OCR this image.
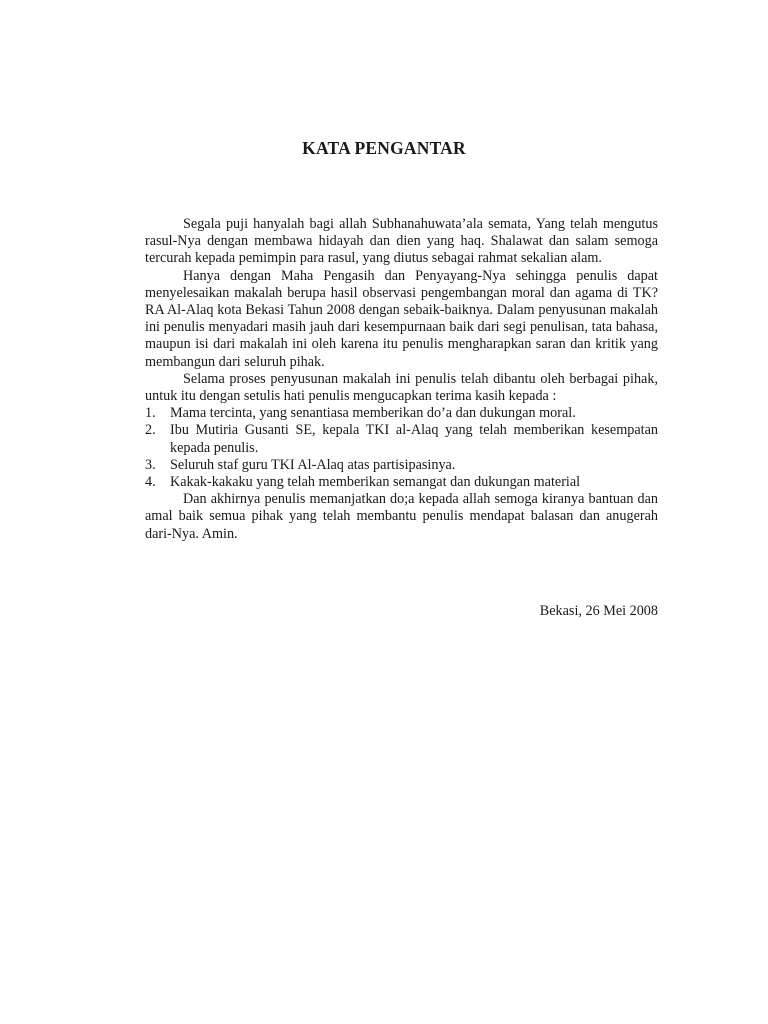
KATA PENGANTAR

Segala puji hanyalah bagi allah Subhanahuwata’ala semata, Yang telah mengutus rasul-Nya dengan membawa hidayah dan dien yang haq. Shalawat dan salam semoga tercurah kepada pemimpin para rasul, yang diutus sebagai rahmat sekalian alam.

Hanya dengan Maha Pengasih dan Penyayang-Nya sehingga penulis dapat menyelesaikan makalah berupa hasil observasi pengembangan moral dan agama di TK?RA Al-Alaq kota Bekasi Tahun 2008 dengan sebaik-baiknya. Dalam penyusunan makalah ini penulis menyadari masih jauh dari kesempurnaan baik dari segi penulisan, tata bahasa, maupun isi dari makalah ini oleh karena itu penulis mengharapkan saran dan kritik yang membangun dari seluruh pihak.

Selama proses penyusunan makalah ini penulis telah dibantu oleh berbagai pihak, untuk itu dengan setulis hati penulis mengucapkan terima kasih kepada :

1. Mama tercinta, yang senantiasa memberikan do’a dan dukungan moral.
2. Ibu Mutiria Gusanti SE, kepala TKI al-Alaq yang telah memberikan kesempatan kepada penulis.
3. Seluruh staf guru TKI Al-Alaq atas partisipasinya.
4. Kakak-kakaku yang telah memberikan semangat dan dukungan material

Dan akhirnya penulis memanjatkan do;a kepada allah semoga kiranya bantuan dan amal baik semua pihak yang telah membantu penulis mendapat balasan dan anugerah dari-Nya. Amin.

Bekasi, 26 Mei 2008
